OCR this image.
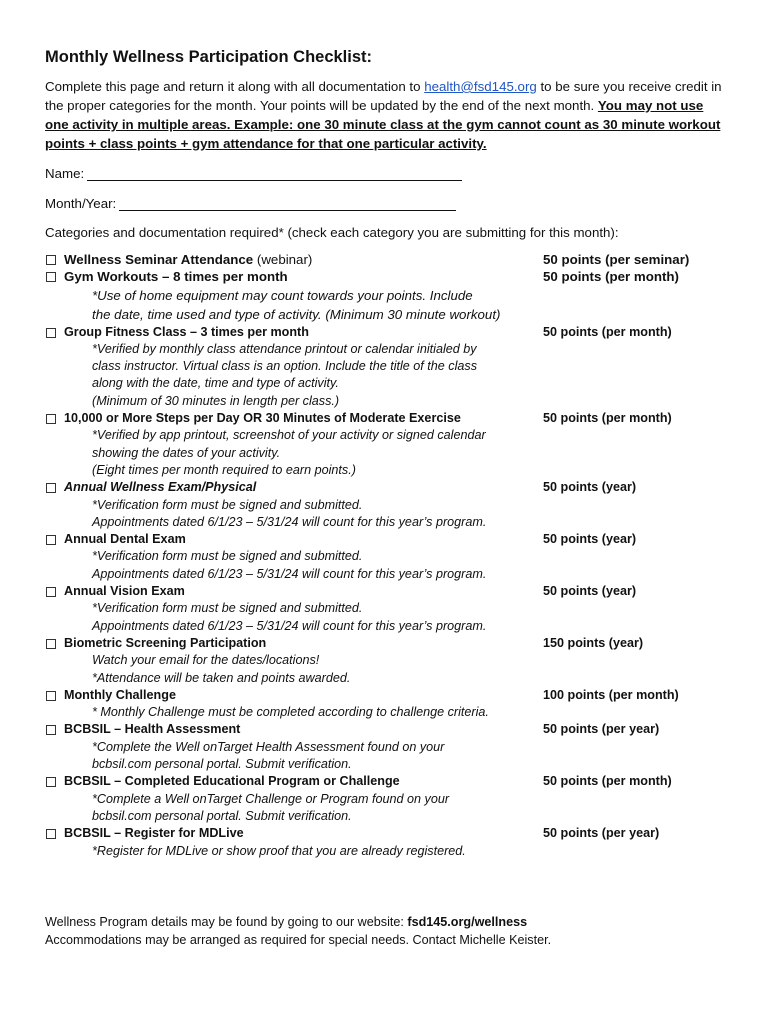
Monthly Wellness Participation Checklist:

Complete this page and return it along with all documentation to health@fsd145.org to be sure you receive credit in the proper categories for the month. Your points will be updated by the end of the next month. You may not use one activity in multiple areas. Example: one 30 minute class at the gym cannot count as 30 minute workout points + class points + gym attendance for that one particular activity.

Name:
Month/Year:
Categories and documentation required* (check each category you are submitting for this month):
Wellness Seminar Attendance (webinar)	50 points (per seminar)
Gym Workouts – 8 times per month
*Use of home equipment may count towards your points. Include
the date, time used and type of activity. (Minimum 30 minute workout)
50 points (per month)
Group Fitness Class – 3 times per month
*Verified by monthly class attendance printout or calendar initialed by
class instructor. Virtual class is an option. Include the title of the class
along with the date, time and type of activity.
(Minimum of 30 minutes in length per class.)
50 points (per month)
10,000 or More Steps per Day OR 30 Minutes of Moderate Exercise
*Verified by app printout, screenshot of your activity or signed calendar
showing the dates of your activity.
(Eight times per month required to earn points.)
50 points (per month)
Annual Wellness Exam/Physical
*Verification form must be signed and submitted.
Appointments dated 6/1/23 – 5/31/24 will count for this year’s program.
50 points (year)
Annual Dental Exam
*Verification form must be signed and submitted.
Appointments dated 6/1/23 – 5/31/24 will count for this year’s program.
50 points (year)
Annual Vision Exam
*Verification form must be signed and submitted.
Appointments dated 6/1/23 – 5/31/24 will count for this year’s program.
50 points (year)
Biometric Screening Participation
Watch your email for the dates/locations!
*Attendance will be taken and points awarded.
150 points (year)
Monthly Challenge
* Monthly Challenge must be completed according to challenge criteria.
100 points (per month)
BCBSIL – Health Assessment
*Complete the Well onTarget Health Assessment found on your
bcbsil.com personal portal. Submit verification.
50 points (per year)
BCBSIL – Completed Educational Program or Challenge
*Complete a Well onTarget Challenge or Program found on your
bcbsil.com personal portal. Submit verification.
50 points (per month)
BCBSIL – Register for MDLive
*Register for MDLive or show proof that you are already registered.
50 points (per year)
Wellness Program details may be found by going to our website: fsd145.org/wellness
Accommodations may be arranged as required for special needs. Contact Michelle Keister.
